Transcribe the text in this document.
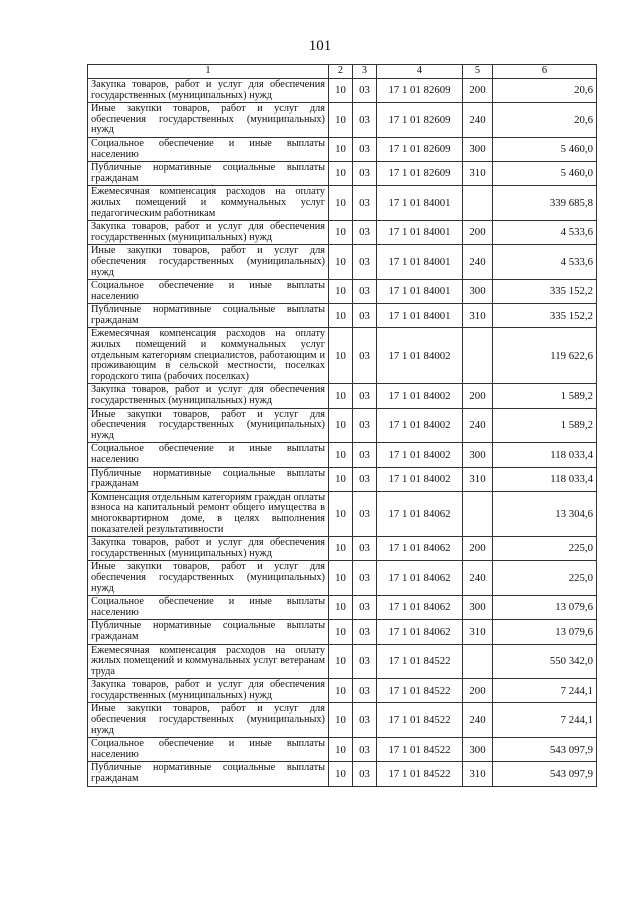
101
1	2	3	4	5	6
Закупка товаров, работ и услуг для обеспечения государственных (муниципальных) нужд	10	03	17 1 01 82609	200	20,6
Иные закупки товаров, работ и услуг для обеспечения государственных (муниципальных) нужд	10	03	17 1 01 82609	240	20,6
Социальное обеспечение и иные выплаты населению	10	03	17 1 01 82609	300	5 460,0
Публичные нормативные социальные выплаты гражданам	10	03	17 1 01 82609	310	5 460,0
Ежемесячная компенсация расходов на оплату жилых помещений и коммунальных услуг педагогическим работникам	10	03	17 1 01 84001		339 685,8
Закупка товаров, работ и услуг для обеспечения государственных (муниципальных) нужд	10	03	17 1 01 84001	200	4 533,6
Иные закупки товаров, работ и услуг для обеспечения государственных (муниципальных) нужд	10	03	17 1 01 84001	240	4 533,6
Социальное обеспечение и иные выплаты населению	10	03	17 1 01 84001	300	335 152,2
Публичные нормативные социальные выплаты гражданам	10	03	17 1 01 84001	310	335 152,2
Ежемесячная компенсация расходов на оплату жилых помещений и коммунальных услуг отдельным категориям специалистов, работающим и проживающим в сельской местности, поселках городского типа (рабочих поселках)	10	03	17 1 01 84002		119 622,6
Закупка товаров, работ и услуг для обеспечения государственных (муниципальных) нужд	10	03	17 1 01 84002	200	1 589,2
Иные закупки товаров, работ и услуг для обеспечения государственных (муниципальных) нужд	10	03	17 1 01 84002	240	1 589,2
Социальное обеспечение и иные выплаты населению	10	03	17 1 01 84002	300	118 033,4
Публичные нормативные социальные выплаты гражданам	10	03	17 1 01 84002	310	118 033,4
Компенсация отдельным категориям граждан оплаты взноса на капитальный ремонт общего имущества в многоквартирном доме, в целях выполнения показателей результативности	10	03	17 1 01 84062		13 304,6
Закупка товаров, работ и услуг для обеспечения государственных (муниципальных) нужд	10	03	17 1 01 84062	200	225,0
Иные закупки товаров, работ и услуг для обеспечения государственных (муниципальных) нужд	10	03	17 1 01 84062	240	225,0
Социальное обеспечение и иные выплаты населению	10	03	17 1 01 84062	300	13 079,6
Публичные нормативные социальные выплаты гражданам	10	03	17 1 01 84062	310	13 079,6
Ежемесячная компенсация расходов на оплату жилых помещений и коммунальных услуг ветеранам труда	10	03	17 1 01 84522		550 342,0
Закупка товаров, работ и услуг для обеспечения государственных (муниципальных) нужд	10	03	17 1 01 84522	200	7 244,1
Иные закупки товаров, работ и услуг для обеспечения государственных (муниципальных) нужд	10	03	17 1 01 84522	240	7 244,1
Социальное обеспечение и иные выплаты населению	10	03	17 1 01 84522	300	543 097,9
Публичные нормативные социальные выплаты гражданам	10	03	17 1 01 84522	310	543 097,9
